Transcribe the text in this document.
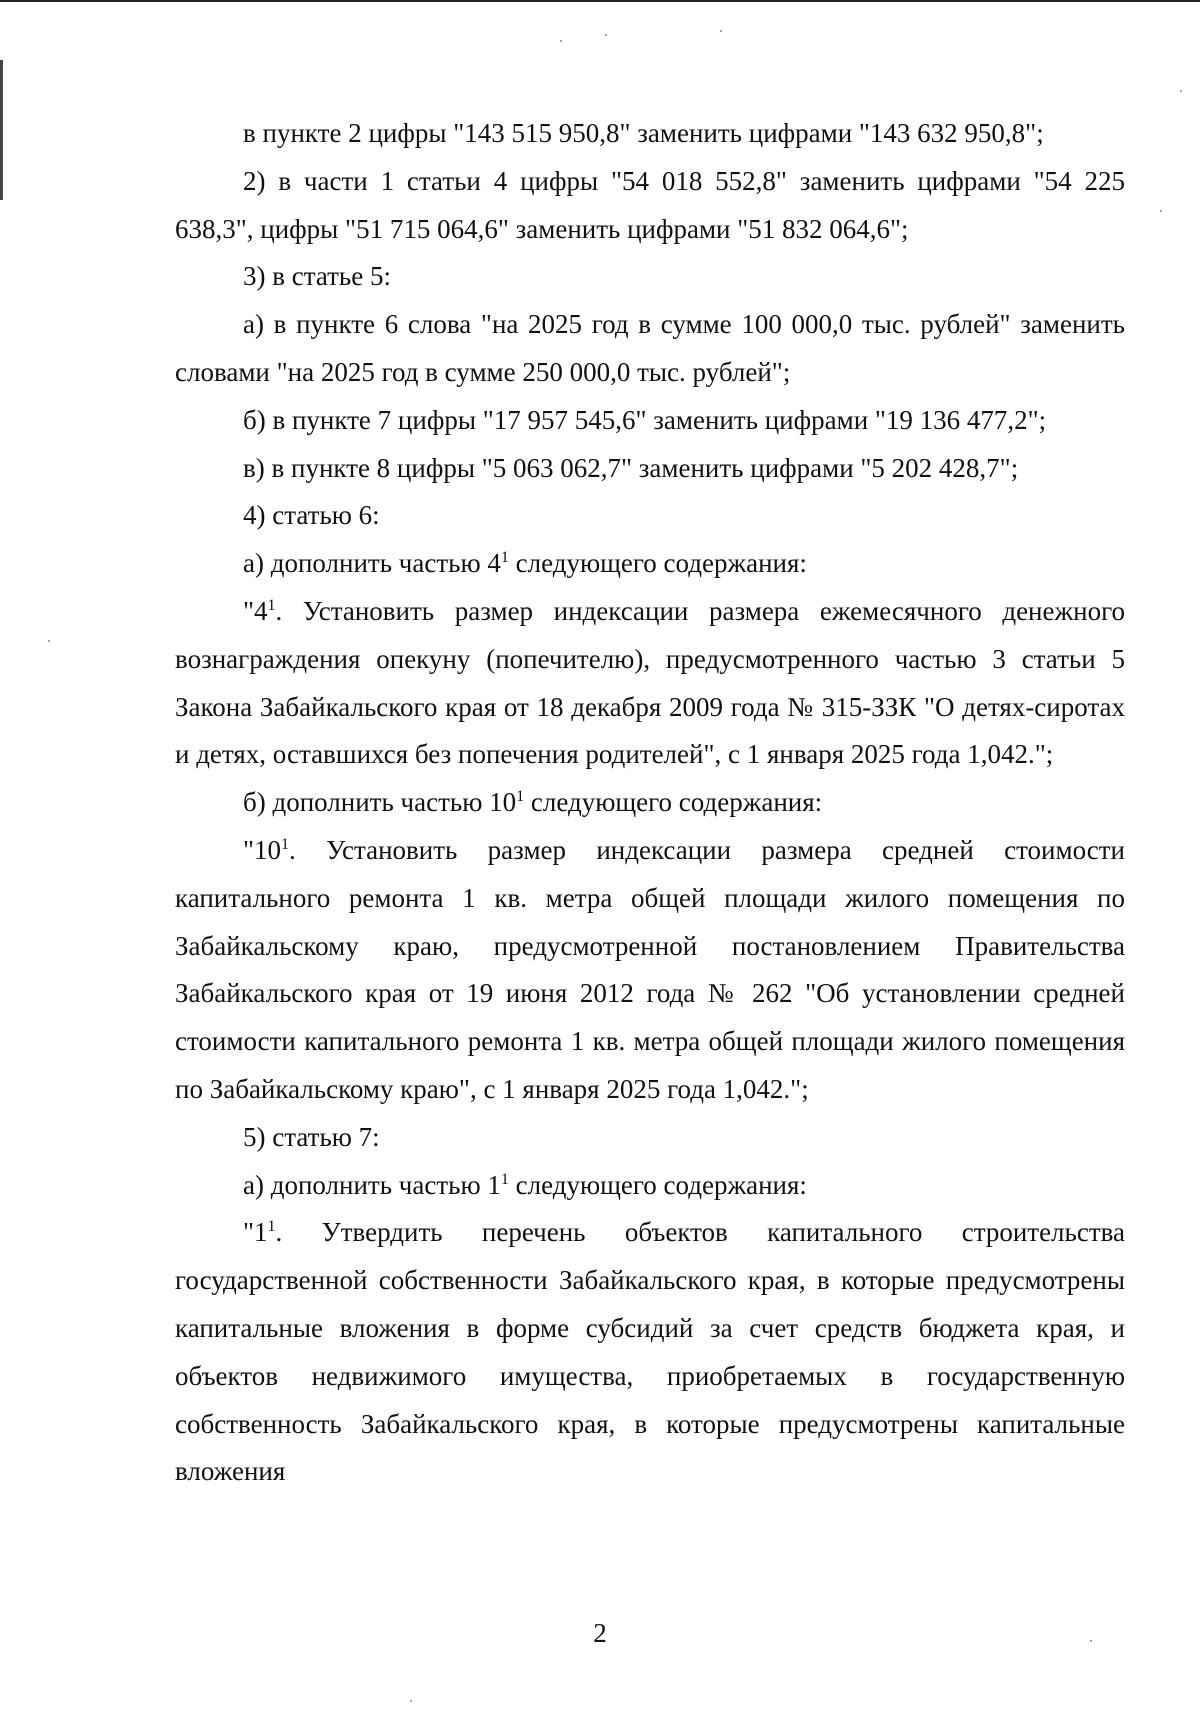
в пункте 2 цифры "143 515 950,8" заменить цифрами "143 632 950,8";

2) в части 1 статьи 4 цифры "54 018 552,8" заменить цифрами "54 225 638,3", цифры "51 715 064,6" заменить цифрами "51 832 064,6";

3) в статье 5:

а) в пункте 6 слова "на 2025 год в сумме 100 000,0 тыс. рублей" заменить словами "на 2025 год в сумме 250 000,0 тыс. рублей";

б) в пункте 7 цифры "17 957 545,6" заменить цифрами "19 136 477,2";

в) в пункте 8 цифры "5 063 062,7" заменить цифрами "5 202 428,7";

4) статью 6:

а) дополнить частью $4^1$ следующего содержания:

"$4^1$. Установить размер индексации размера ежемесячного денежного вознаграждения опекуну (попечителю), предусмотренного частью 3 статьи 5 Закона Забайкальского края от 18 декабря 2009 года № 315-ЗЗК "О детях-сиротах и детях, оставшихся без попечения родителей", с 1 января 2025 года 1,042.";

б) дополнить частью $10^1$ следующего содержания:

"$10^1$. Установить размер индексации размера средней стоимости капитального ремонта 1 кв. метра общей площади жилого помещения по Забайкальскому краю, предусмотренной постановлением Правительства Забайкальского края от 19 июня 2012 года № 262 "Об установлении средней стоимости капитального ремонта 1 кв. метра общей площади жилого помещения по Забайкальскому краю", с 1 января 2025 года 1,042.";

5) статью 7:

а) дополнить частью $1^1$ следующего содержания:

"$1^1$. Утвердить перечень объектов капитального строительства государственной собственности Забайкальского края, в которые предусмотрены капитальные вложения в форме субсидий за счет средств бюджета края, и объектов недвижимого имущества, приобретаемых в государственную собственность Забайкальского края, в которые предусмотрены капитальные вложения

2
